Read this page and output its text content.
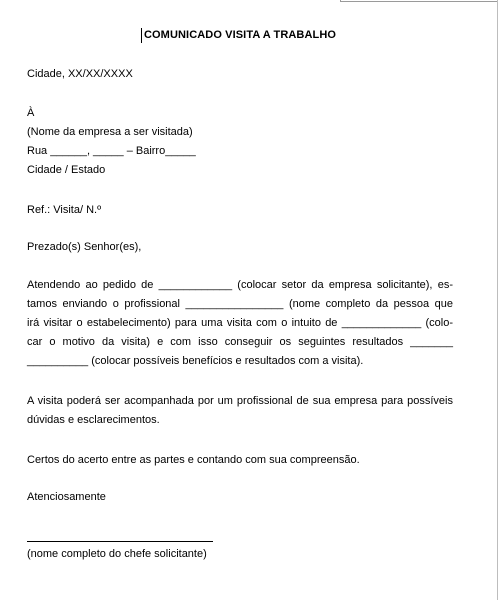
COMUNICADO VISITA A TRABALHO
Cidade, XX/XX/XXXX
À
(Nome da empresa a ser visitada)
Rua ______, _____ – Bairro_____
Cidade / Estado
Ref.: Visita/ N.º
Prezado(s) Senhor(es),
Atendendo ao pedido de ____________ (colocar setor da empresa solicitante), es-
tamos enviando o profissional ________________ (nome completo da pessoa que
irá visitar o estabelecimento) para uma visita com o intuito de _____________ (colo-
car o motivo da visita) e com isso conseguir os seguintes resultados _______
__________ (colocar possíveis benefícios e resultados com a visita).
A visita poderá ser acompanhada por um profissional de sua empresa para possíveis
dúvidas e esclarecimentos.
Certos do acerto entre as partes e contando com sua compreensão.
Atenciosamente
(nome completo do chefe solicitante)
